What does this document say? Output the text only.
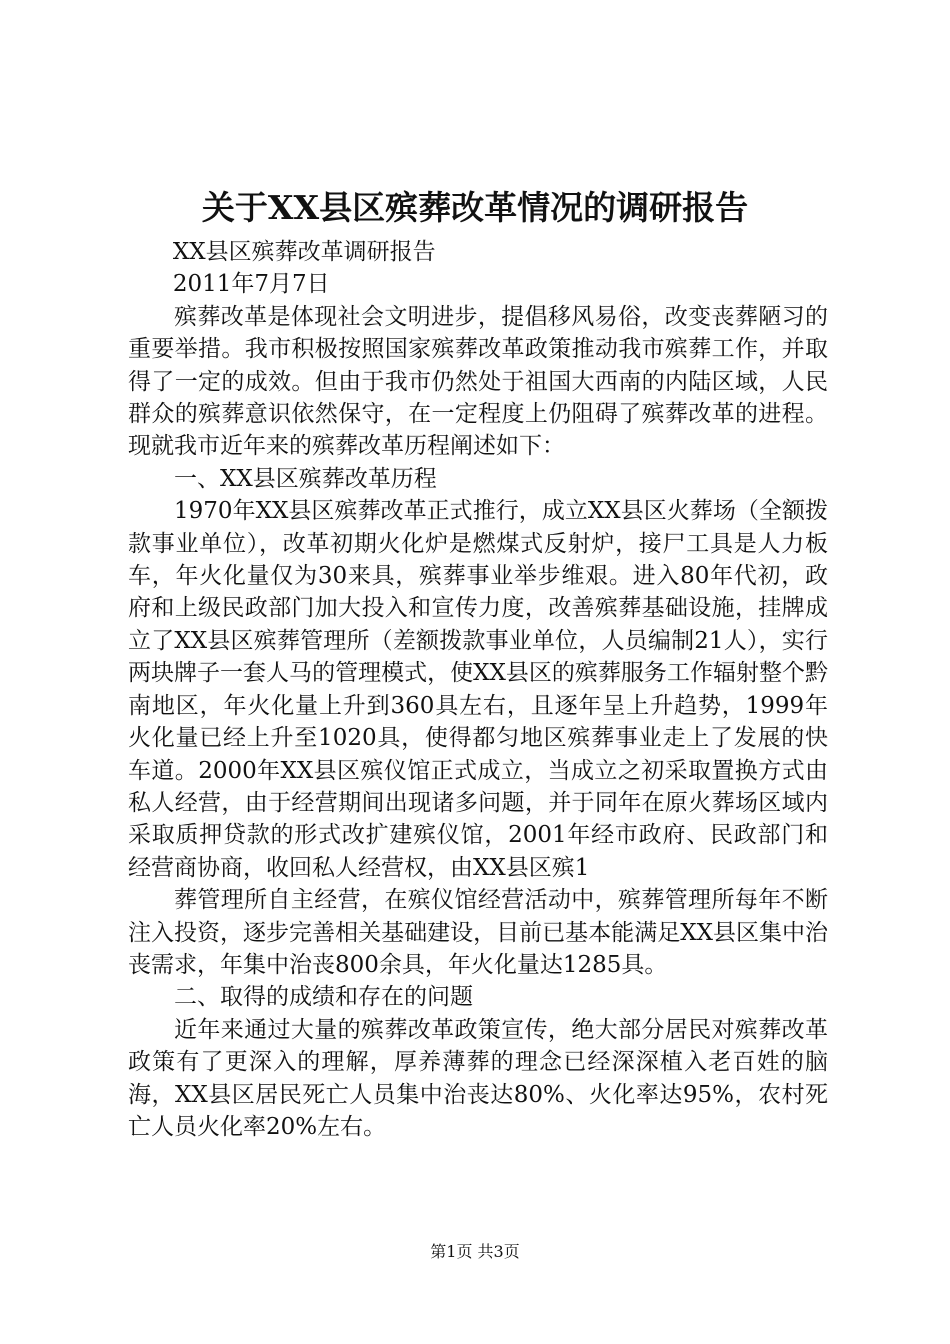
关于XX县区殡葬改革情况的调研报告

XX县区殡葬改革调研报告

2011年7月7日

殡葬改革是体现社会文明进步，提倡移风易俗，改变丧葬陋习的重要举措。我市积极按照国家殡葬改革政策推动我市殡葬工作，并取得了一定的成效。但由于我市仍然处于祖国大西南的内陆区域，人民群众的殡葬意识依然保守，在一定程度上仍阻碍了殡葬改革的进程。现就我市近年来的殡葬改革历程阐述如下：

一、XX县区殡葬改革历程

1970年XX县区殡葬改革正式推行，成立XX县区火葬场（全额拨款事业单位），改革初期火化炉是燃煤式反射炉，接尸工具是人力板车，年火化量仅为30来具，殡葬事业举步维艰。进入80年代初，政府和上级民政部门加大投入和宣传力度，改善殡葬基础设施，挂牌成立了XX县区殡葬管理所（差额拨款事业单位，人员编制21人），实行两块牌子一套人马的管理模式，使XX县区的殡葬服务工作辐射整个黔南地区，年火化量上升到360具左右，且逐年呈上升趋势，1999年火化量已经上升至1020具，使得都匀地区殡葬事业走上了发展的快车道。2000年XX县区殡仪馆正式成立，当成立之初采取置换方式由私人经营，由于经营期间出现诸多问题，并于同年在原火葬场区域内采取质押贷款的形式改扩建殡仪馆，2001年经市政府、民政部门和经营商协商，收回私人经营权，由XX县区殡1

葬管理所自主经营，在殡仪馆经营活动中，殡葬管理所每年不断注入投资，逐步完善相关基础建设，目前已基本能满足XX县区集中治丧需求，年集中治丧800余具，年火化量达1285具。

二、取得的成绩和存在的问题

近年来通过大量的殡葬改革政策宣传，绝大部分居民对殡葬改革政策有了更深入的理解，厚养薄葬的理念已经深深植入老百姓的脑海，XX县区居民死亡人员集中治丧达80%、火化率达95%，农村死亡人员火化率20%左右。

第1页 共3页
